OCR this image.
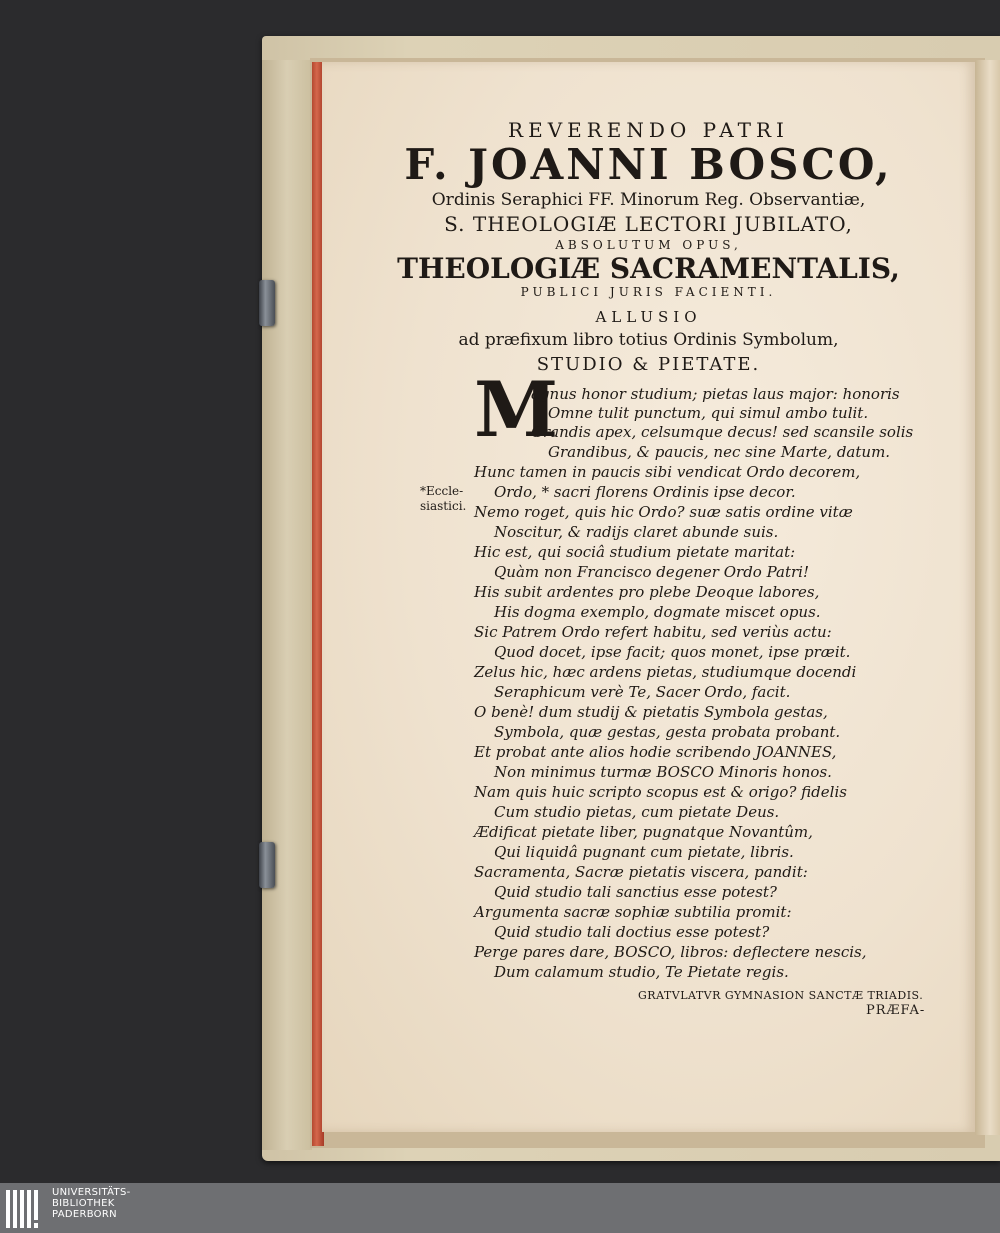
REVERENDO PATRI
F. JOANNI BOSCO,
Ordinis Seraphici FF. Minorum Reg. Observantiæ,
S. THEOLOGIÆ LECTORI JUBILATO,
ABSOLUTUM OPUS,
THEOLOGIÆ SACRAMENTALIS,
PUBLICI JURIS FACIENTI.
ALLUSIO
ad præfixum libro totius Ordinis Symbolum,
STUDIO & PIETATE.
M
*Eccle-
siastici.
agnus honor studium; pietas laus major: honoris
Omne tulit punctum, qui simul ambo tulit.
Grandis apex, celsumque decus! sed scansile solis
Grandibus, & paucis, nec sine Marte, datum.
Hunc tamen in paucis sibi vendicat Ordo decorem,
Ordo, * sacri florens Ordinis ipse decor.
Nemo roget, quis hic Ordo? suæ satis ordine vitæ
Noscitur, & radijs claret abunde suis.
Hic est, qui sociâ studium pietate maritat:
Quàm non Francisco degener Ordo Patri!
His subit ardentes pro plebe Deoque labores,
His dogma exemplo, dogmate miscet opus.
Sic Patrem Ordo refert habitu, sed veriùs actu:
Quod docet, ipse facit; quos monet, ipse præit.
Zelus hic, hæc ardens pietas, studiumque docendi
Seraphicum verè Te, Sacer Ordo, facit.
O benè! dum studij & pietatis Symbola gestas,
Symbola, quæ gestas, gesta probata probant.
Et probat ante alios hodie scribendo JOANNES,
Non minimus turmæ BOSCO Minoris honos.
Nam quis huic scripto scopus est & origo? fidelis
Cum studio pietas, cum pietate Deus.
Ædificat pietate liber, pugnatque Novantûm,
Qui liquidâ pugnant cum pietate, libris.
Sacramenta, Sacræ pietatis viscera, pandit:
Quid studio tali sanctius esse potest?
Argumenta sacræ sophiæ subtilia promit:
Quid studio tali doctius esse potest?
Perge pares dare, BOSCO, libros: deflectere nescis,
Dum calamum studio, Te Pietate regis.
GRATVLATVR GYMNASION SANCTÆ TRIADIS.
PRÆFA-
UNIVERSITÄTS-
BIBLIOTHEK
PADERBORN
